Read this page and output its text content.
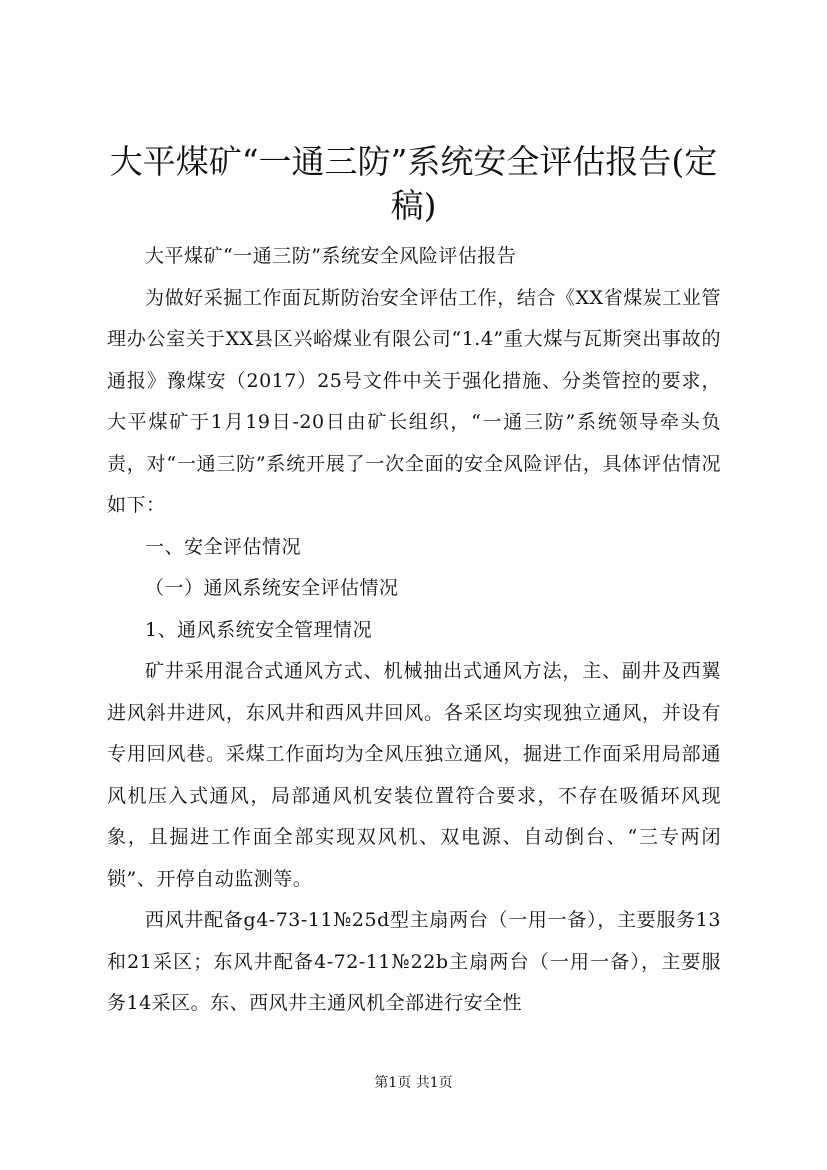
大平煤矿“一通三防”系统安全评估报告(定稿)

大平煤矿“一通三防”系统安全风险评估报告

为做好采掘工作面瓦斯防治安全评估工作，结合《XX省煤炭工业管理办公室关于XX县区兴峪煤业有限公司“1.4”重大煤与瓦斯突出事故的通报》豫煤安（2017）25号文件中关于强化措施、分类管控的要求，大平煤矿于1月19日-20日由矿长组织，“一通三防”系统领导牵头负责，对“一通三防”系统开展了一次全面的安全风险评估，具体评估情况如下：

一、安全评估情况

（一）通风系统安全评估情况

1、通风系统安全管理情况

矿井采用混合式通风方式、机械抽出式通风方法，主、副井及西翼进风斜井进风，东风井和西风井回风。各采区均实现独立通风，并设有专用回风巷。采煤工作面均为全风压独立通风，掘进工作面采用局部通风机压入式通风，局部通风机安装位置符合要求，不存在吸循环风现象，且掘进工作面全部实现双风机、双电源、自动倒台、“三专两闭锁”、开停自动监测等。

西风井配备g4-73-11№25d型主扇两台（一用一备），主要服务13和21采区；东风井配备4-72-11№22b主扇两台（一用一备），主要服务14采区。东、西风井主通风机全部进行安全性

第1页 共1页
